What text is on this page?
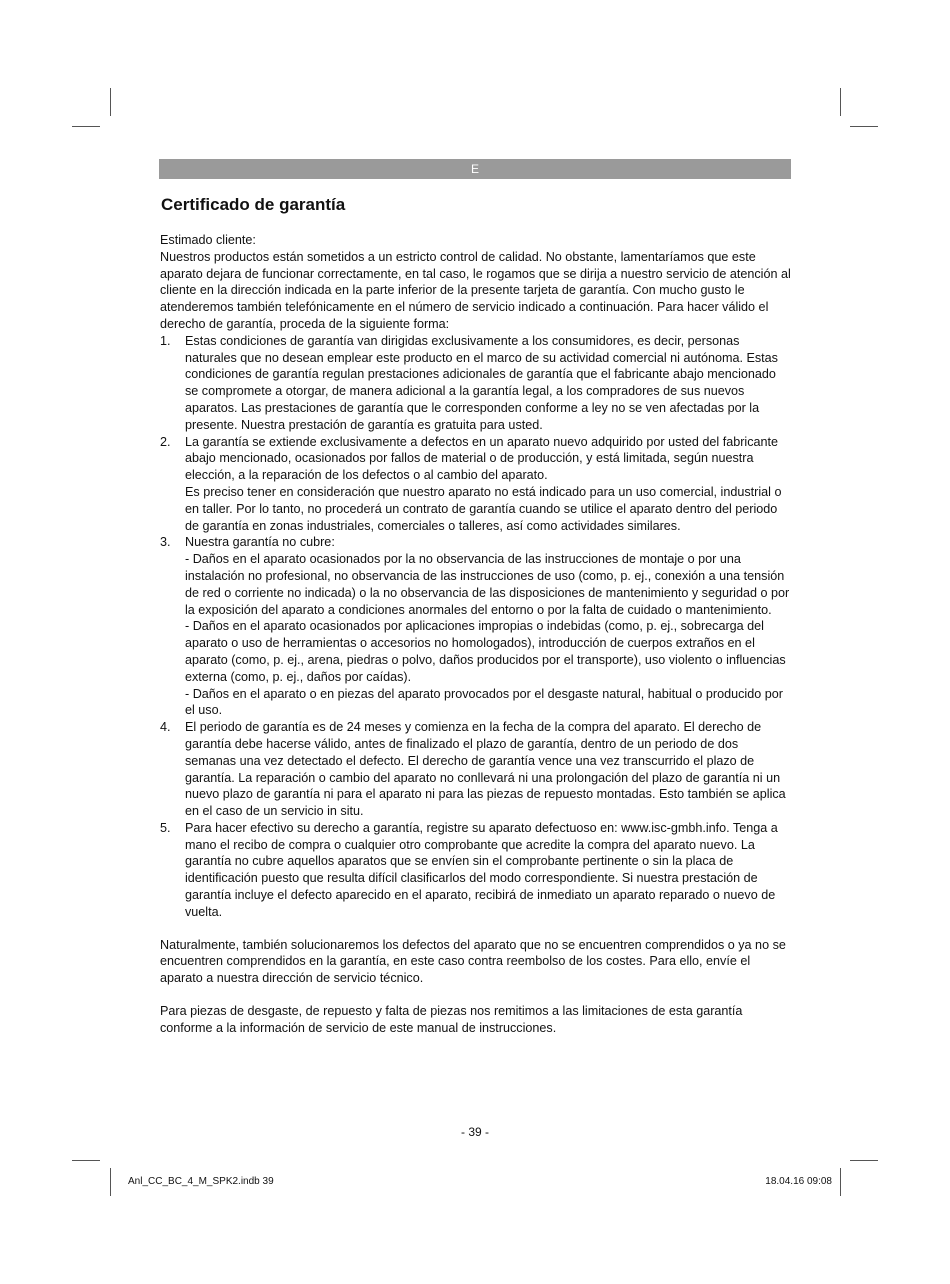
E
Certificado de garantía

Estimado cliente:

Nuestros productos están sometidos a un estricto control de calidad. No obstante, lamentaríamos que este aparato dejara de funcionar correctamente, en tal caso, le rogamos que se dirija a nuestro servicio de atención al cliente en la dirección indicada en la parte inferior de la presente tarjeta de garantía. Con mucho gusto le atenderemos también telefónicamente en el número de servicio indicado a continuación. Para hacer válido el derecho de garantía, proceda de la siguiente forma:

1. Estas condiciones de garantía van dirigidas exclusivamente a los consumidores, es decir, personas naturales que no desean emplear este producto en el marco de su actividad comercial ni autónoma. Estas condiciones de garantía regulan prestaciones adicionales de garantía que el fabricante abajo mencionado se compromete a otorgar, de manera adicional a la garantía legal, a los compradores de sus nuevos aparatos. Las prestaciones de garantía que le corresponden conforme a ley no se ven afectadas por la presente. Nuestra prestación de garantía es gratuita para usted.
2. La garantía se extiende exclusivamente a defectos en un aparato nuevo adquirido por usted del fabricante abajo mencionado, ocasionados por fallos de material o de producción, y está limitada, según nuestra elección, a la reparación de los defectos o al cambio del aparato.
Es preciso tener en consideración que nuestro aparato no está indicado para un uso comercial, industrial o en taller. Por lo tanto, no procederá un contrato de garantía cuando se utilice el aparato dentro del periodo de garantía en zonas industriales, comerciales o talleres, así como actividades similares.
3. Nuestra garantía no cubre:
- Daños en el aparato ocasionados por la no observancia de las instrucciones de montaje o por una instalación no profesional, no observancia de las instrucciones de uso (como, p. ej., conexión a una tensión de red o corriente no indicada) o la no observancia de las disposiciones de mantenimiento y seguridad o por la exposición del aparato a condiciones anormales del entorno o por la falta de cuidado o mantenimiento.
- Daños en el aparato ocasionados por aplicaciones impropias o indebidas (como, p. ej., sobrecarga del aparato o uso de herramientas o accesorios no homologados), introducción de cuerpos extraños en el aparato (como, p. ej., arena, piedras o polvo, daños producidos por el transporte), uso violento o influencias externa (como, p. ej., daños por caídas).
- Daños en el aparato o en piezas del aparato provocados por el desgaste natural, habitual o producido por el uso.
4. El periodo de garantía es de 24 meses y comienza en la fecha de la compra del aparato. El derecho de garantía debe hacerse válido, antes de finalizado el plazo de garantía, dentro de un periodo de dos semanas una vez detectado el defecto. El derecho de garantía vence una vez transcurrido el plazo de garantía. La reparación o cambio del aparato no conllevará ni una prolongación del plazo de garantía ni un nuevo plazo de garantía ni para el aparato ni para las piezas de repuesto montadas. Esto también se aplica en el caso de un servicio in situ.
5. Para hacer efectivo su derecho a garantía, registre su aparato defectuoso en: www.isc-gmbh.info. Tenga a mano el recibo de compra o cualquier otro comprobante que acredite la compra del aparato nuevo. La garantía no cubre aquellos aparatos que se envíen sin el comprobante pertinente o sin la placa de identificación puesto que resulta difícil clasificarlos del modo correspondiente. Si nuestra prestación de garantía incluye el defecto aparecido en el aparato, recibirá de inmediato un aparato reparado o nuevo de vuelta.

Naturalmente, también solucionaremos los defectos del aparato que no se encuentren comprendidos o ya no se encuentren comprendidos en la garantía, en este caso contra reembolso de los costes. Para ello, envíe el aparato a nuestra dirección de servicio técnico.

Para piezas de desgaste, de repuesto y falta de piezas nos remitimos a las limitaciones de esta garantía conforme a la información de servicio de este manual de instrucciones.

- 39 -
Anl_CC_BC_4_M_SPK2.indb 39	18.04.16 09:08
